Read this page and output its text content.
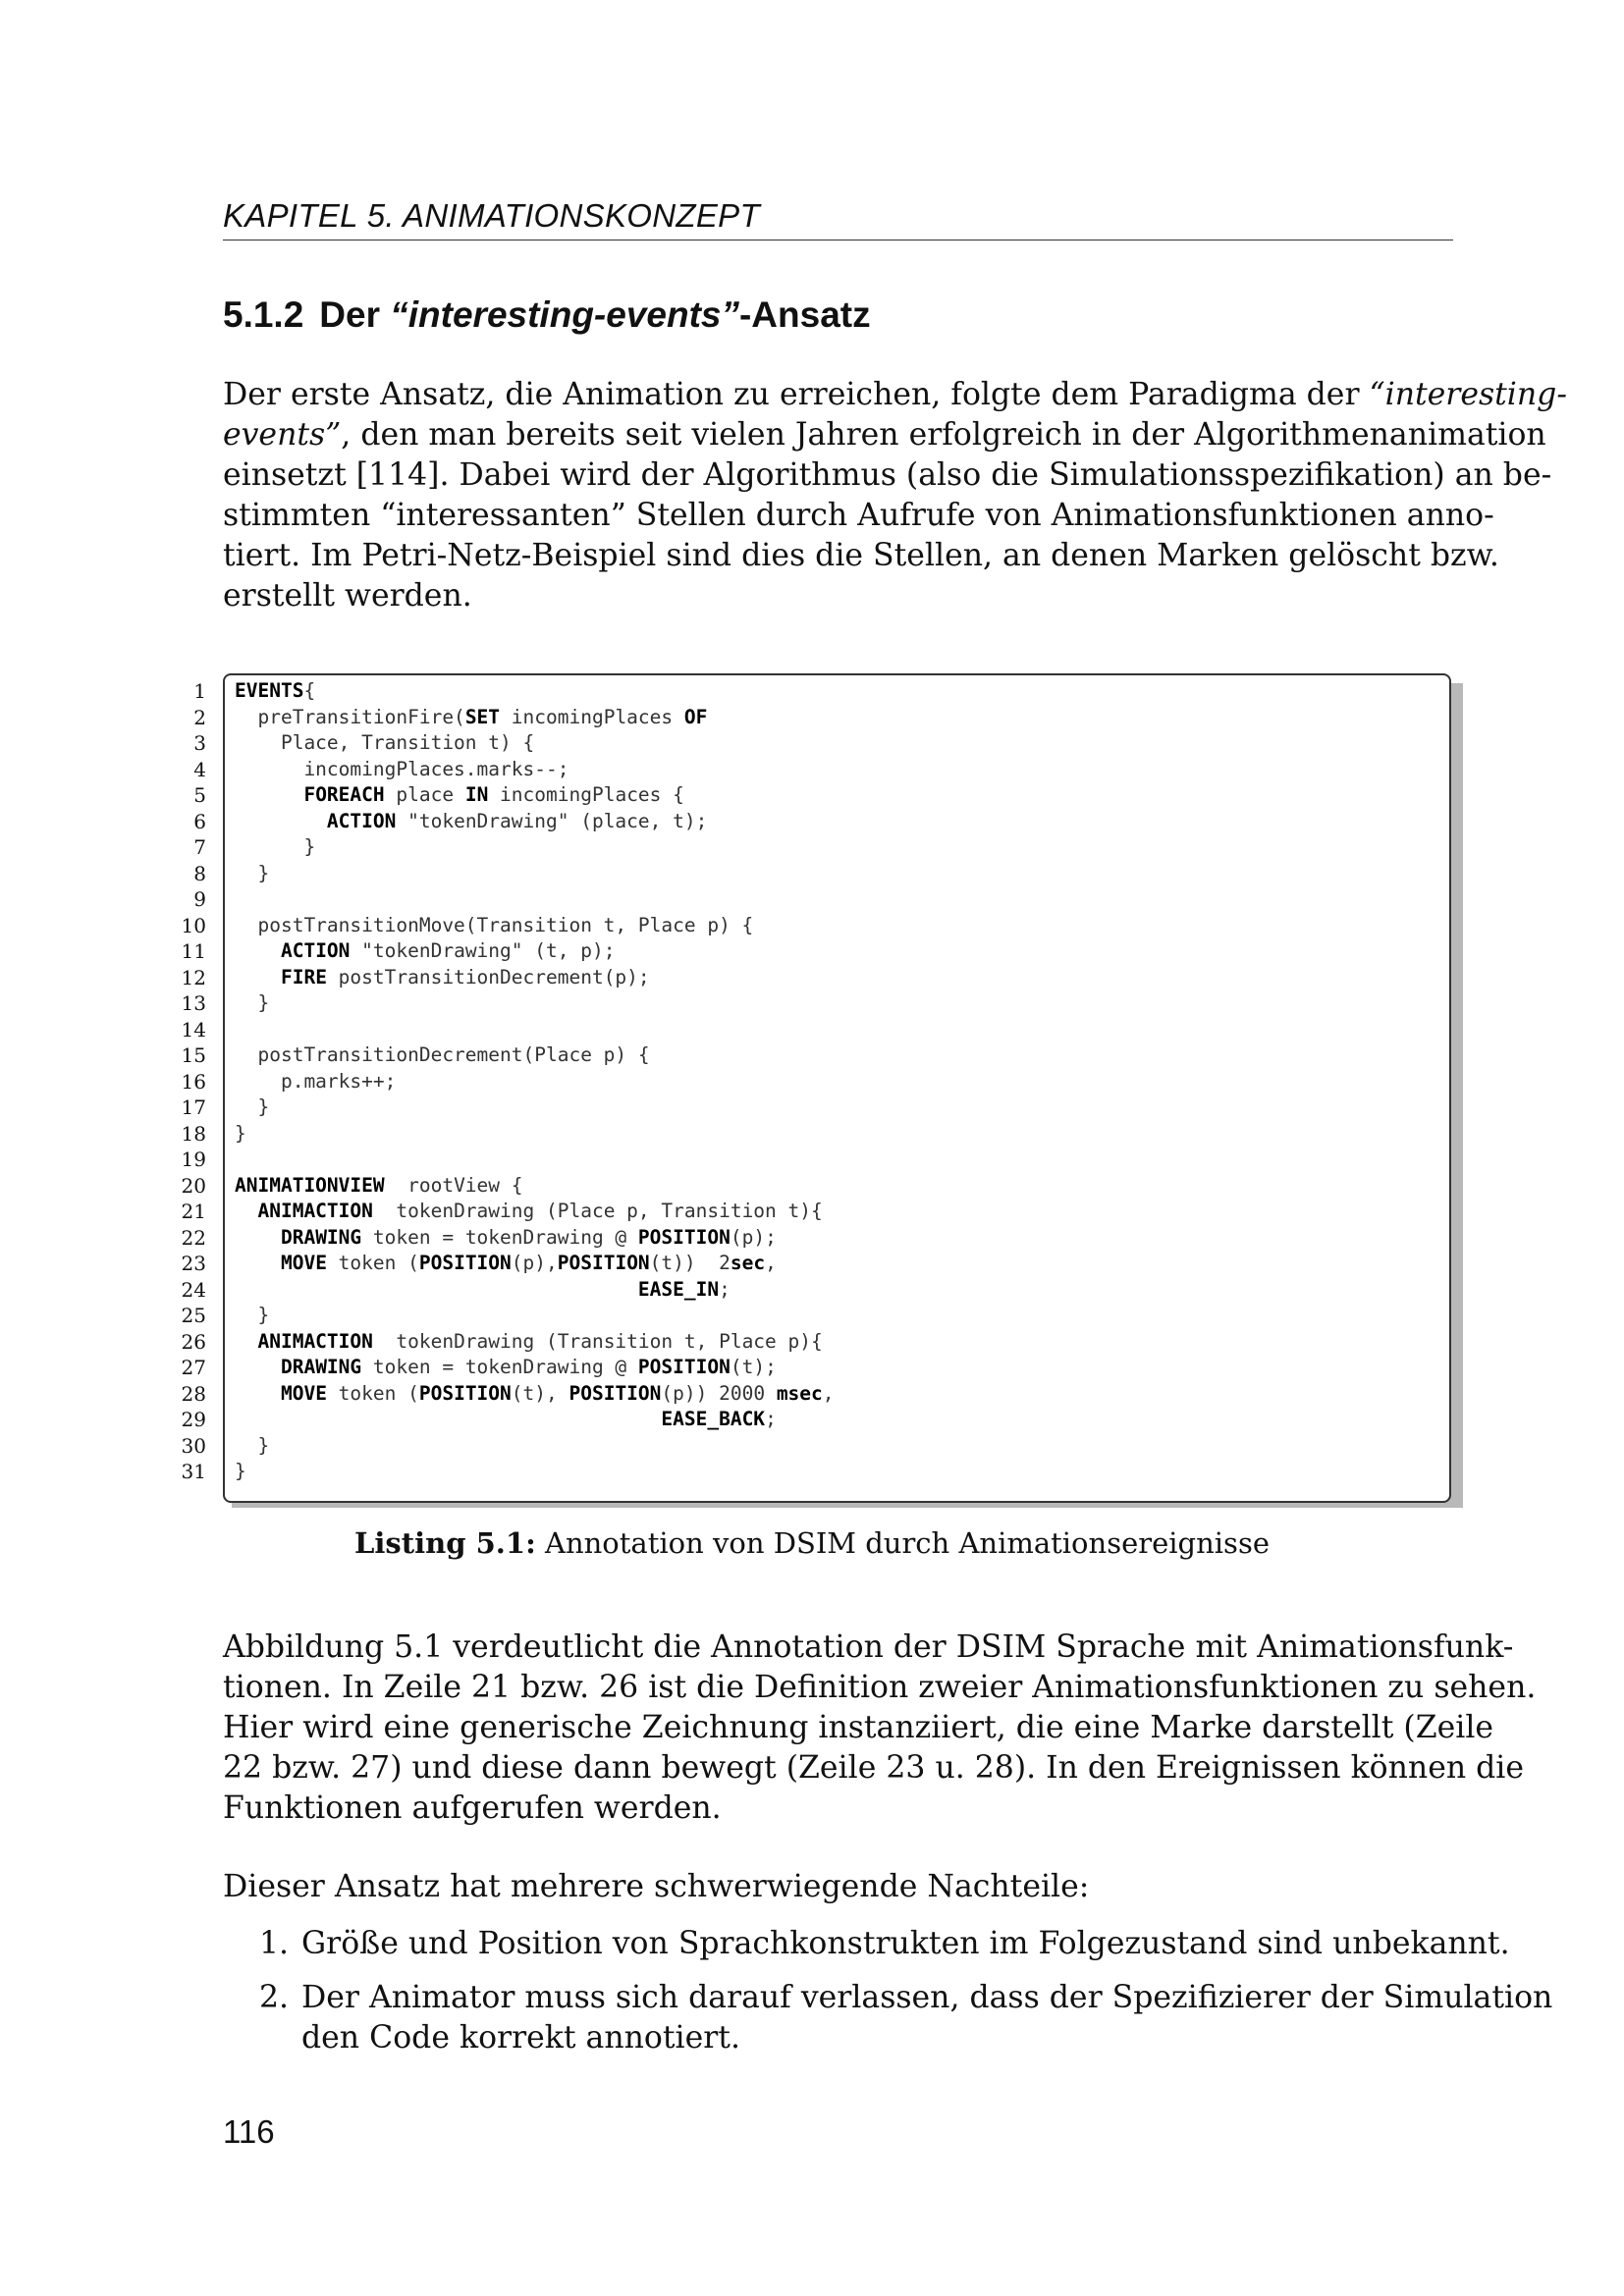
KAPITEL 5. ANIMATIONSKONZEPT
5.1.2 Der “interesting-events”-Ansatz

Der erste Ansatz, die Animation zu erreichen, folgte dem Paradigma der “interesting-
events”, den man bereits seit vielen Jahren erfolgreich in der Algorithmenanimation
einsetzt [114]. Dabei wird der Algorithmus (also die Simulationsspezifikation) an be-
stimmten “interessanten” Stellen durch Aufrufe von Animationsfunktionen anno-
tiert. Im Petri-Netz-Beispiel sind dies die Stellen, an denen Marken gelöscht bzw.
erstellt werden.

1
2
3
4
5
6
7
8
9
10
11
12
13
14
15
16
17
18
19
20
21
22
23
24
25
26
27
28
29
30
31
EVENTS{
preTransitionFire(SET incomingPlaces OF
Place, Transition t) {
incomingPlaces.marks--;
FOREACH place IN incomingPlaces {
ACTION "tokenDrawing" (place, t);
}
}
postTransitionMove(Transition t, Place p) {
ACTION "tokenDrawing" (t, p);
FIRE postTransitionDecrement(p);
}
postTransitionDecrement(Place p) {
p.marks++;
}
}
ANIMATIONVIEW  rootView {
ANIMACTION  tokenDrawing (Place p, Transition t){
DRAWING token = tokenDrawing @ POSITION(p);
MOVE token (POSITION(p),POSITION(t))  2sec,
EASE_IN;
}
ANIMACTION  tokenDrawing (Transition t, Place p){
DRAWING token = tokenDrawing @ POSITION(t);
MOVE token (POSITION(t), POSITION(p)) 2000 msec,
EASE_BACK;
}
}
Listing 5.1: Annotation von DSIM durch Animationsereignisse

Abbildung 5.1 verdeutlicht die Annotation der DSIM Sprache mit Animationsfunk-
tionen. In Zeile 21 bzw. 26 ist die Definition zweier Animationsfunktionen zu sehen.
Hier wird eine generische Zeichnung instanziiert, die eine Marke darstellt (Zeile
22 bzw. 27) und diese dann bewegt (Zeile 23 u. 28). In den Ereignissen können die
Funktionen aufgerufen werden.

Dieser Ansatz hat mehrere schwerwiegende Nachteile:

1. Größe und Position von Sprachkonstrukten im Folgezustand sind unbekannt.
2. Der Animator muss sich darauf verlassen, dass der Spezifizierer der Simulation
den Code korrekt annotiert.
116
